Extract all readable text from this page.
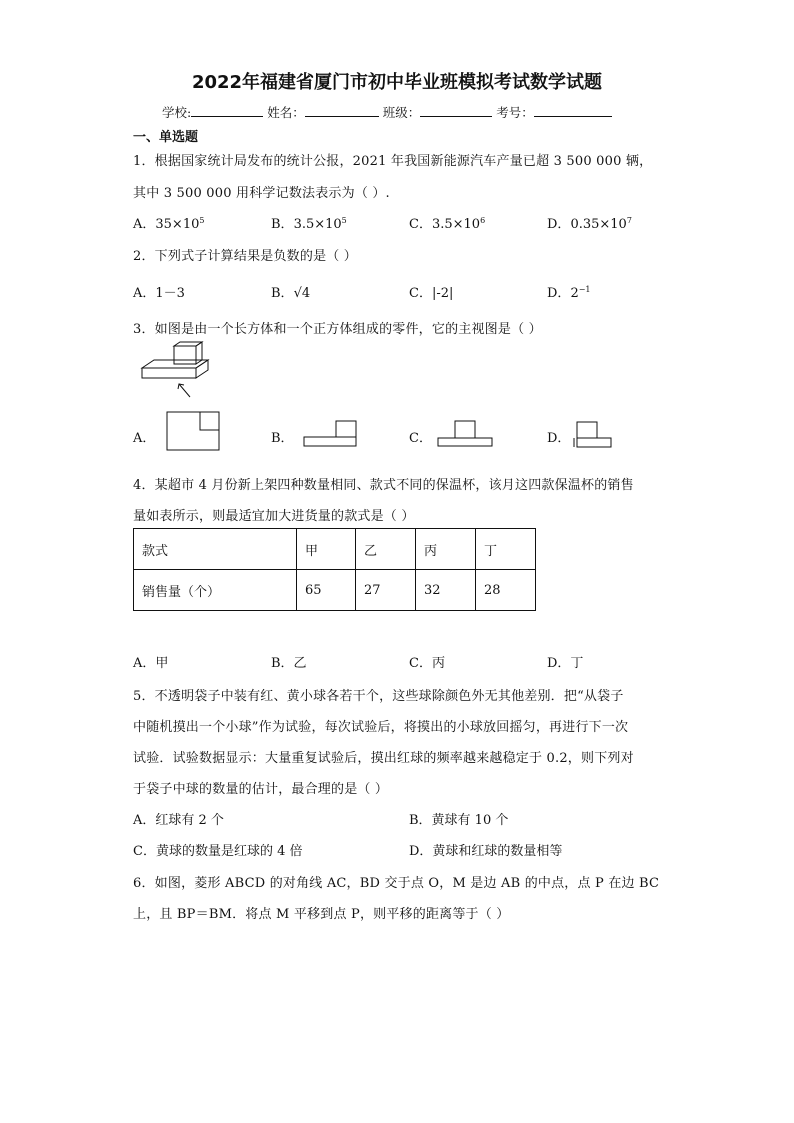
2022年福建省厦门市初中毕业班模拟考试数学试题
学校:	姓名：	班级：	考号：
一、单选题
1．根据国家统计局发布的统计公报，2021 年我国新能源汽车产量已超 3 500 000 辆，
其中 3 500 000 用科学记数法表示为（ ）.
A．$35\times 10^5$	B．$3.5\times 10^5$	C．$3.5\times 10^6$	D．$0.35\times 10^7$
2．下列式子计算结果是负数的是（ ）
A．1－3	B．√4	C．|-2|	D．$2^{-1}$
3．如图是由一个长方体和一个正方体组成的零件，它的主视图是（ ）
A．	B．	C．	D．
4．某超市 4 月份新上架四种数量相同、款式不同的保温杯，该月这四款保温杯的销售
量如表所示，则最适宜加大进货量的款式是（ ）
款式	甲	乙	丙	丁
销售量（个）	65	27	32	28
A．甲	B．乙	C．丙	D．丁
5．不透明袋子中装有红、黄小球各若干个，这些球除颜色外无其他差别．把“从袋子
中随机摸出一个小球”作为试验，每次试验后，将摸出的小球放回摇匀，再进行下一次
试验．试验数据显示：大量重复试验后，摸出红球的频率越来越稳定于 0.2，则下列对
于袋子中球的数量的估计，最合理的是（ ）
A．红球有 2 个	B．黄球有 10 个
C．黄球的数量是红球的 4 倍	D．黄球和红球的数量相等
6．如图，菱形 ABCD 的对角线 AC，BD 交于点 O，M 是边 AB 的中点，点 P 在边 BC
上，且 BP＝BM．将点 M 平移到点 P，则平移的距离等于（ ）
